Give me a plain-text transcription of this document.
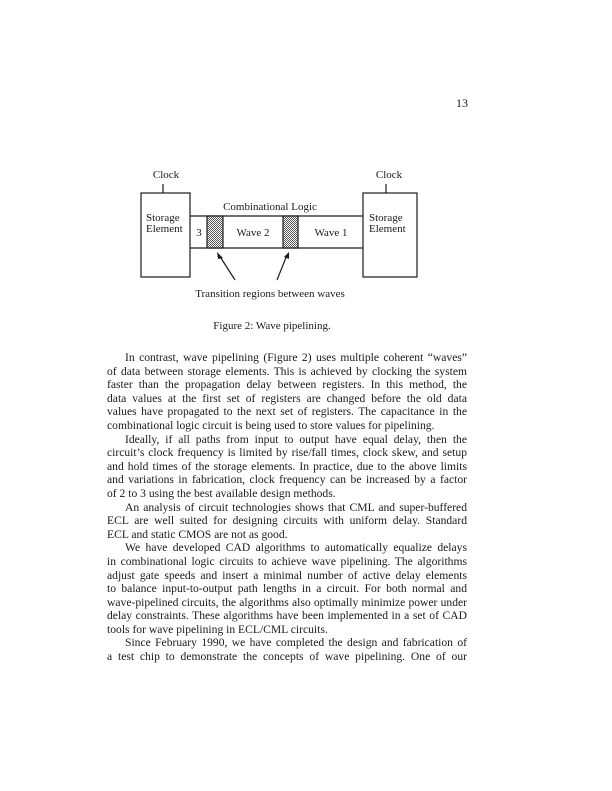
13
Clock	Clock
Storage
Element
Storage
Element
Combinational Logic
3	Wave 2	Wave 1
Transition regions between waves
Figure 2: Wave pipelining.
In contrast, wave pipelining (Figure 2) uses multiple coherent “waves”
of data between storage elements. This is achieved by clocking the system
faster than the propagation delay between registers. In this method, the
data values at the first set of registers are changed before the old data
values have propagated to the next set of registers. The capacitance in the
combinational logic circuit is being used to store values for pipelining.
Ideally, if all paths from input to output have equal delay, then the
circuit’s clock frequency is limited by rise/fall times, clock skew, and setup
and hold times of the storage elements. In practice, due to the above limits
and variations in fabrication, clock frequency can be increased by a factor
of 2 to 3 using the best available design methods.
An analysis of circuit technologies shows that CML and super-buffered
ECL are well suited for designing circuits with uniform delay. Standard
ECL and static CMOS are not as good.
We have developed CAD algorithms to automatically equalize delays
in combinational logic circuits to achieve wave pipelining. The algorithms
adjust gate speeds and insert a minimal number of active delay elements
to balance input-to-output path lengths in a circuit. For both normal and
wave-pipelined circuits, the algorithms also optimally minimize power under
delay constraints. These algorithms have been implemented in a set of CAD
tools for wave pipelining in ECL/CML circuits.
Since February 1990, we have completed the design and fabrication of
a test chip to demonstrate the concepts of wave pipelining. One of our
